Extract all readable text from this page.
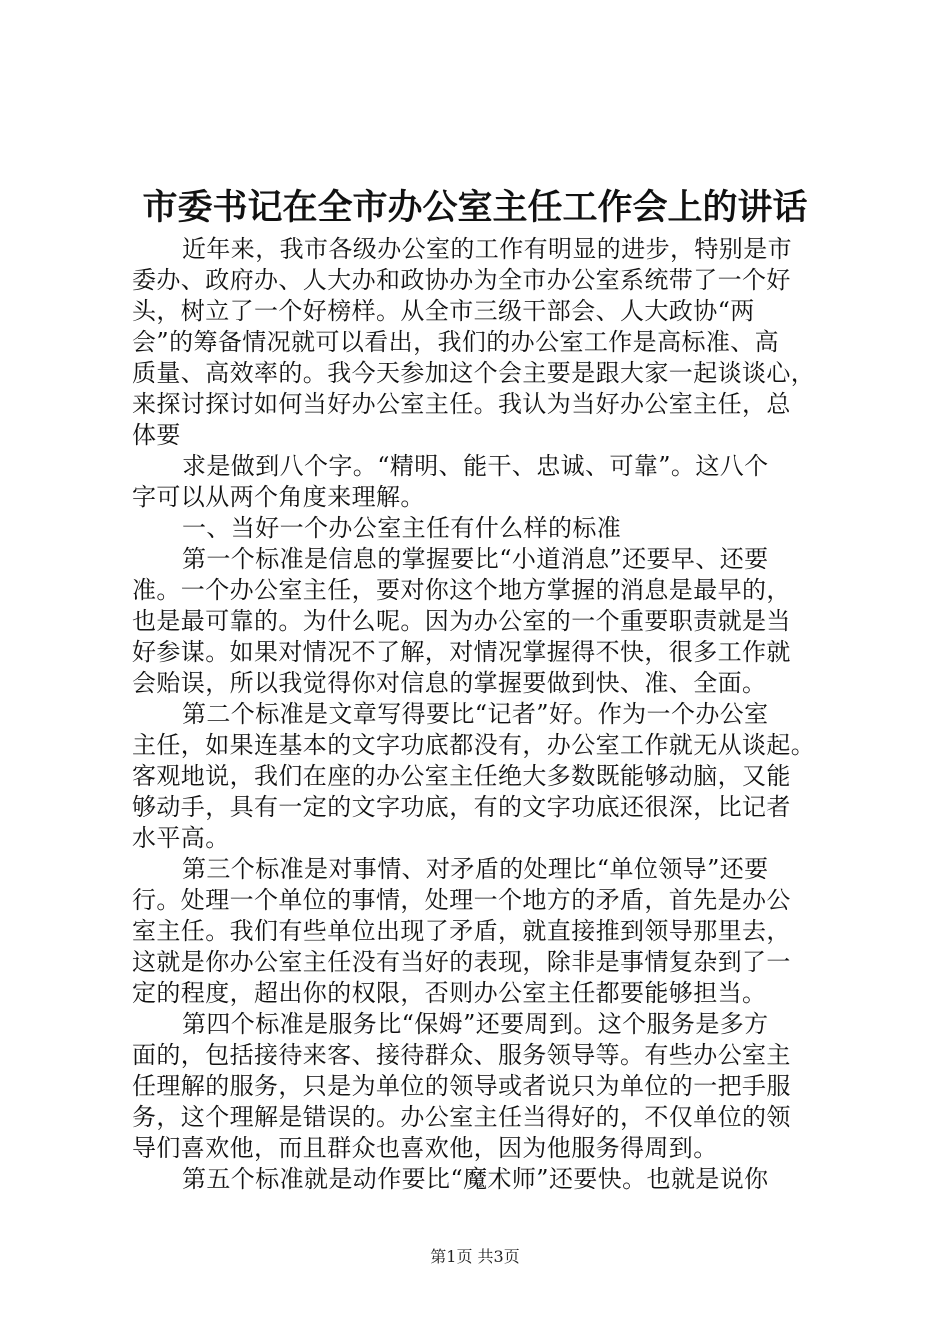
市委书记在全市办公室主任工作会上的讲话
近年来，我市各级办公室的工作有明显的进步，特别是市
委办、政府办、人大办和政协办为全市办公室系统带了一个好
头，树立了一个好榜样。从全市三级干部会、人大政协“两
会”的筹备情况就可以看出，我们的办公室工作是高标准、高
质量、高效率的。我今天参加这个会主要是跟大家一起谈谈心，
来探讨探讨如何当好办公室主任。我认为当好办公室主任，总
体要
求是做到八个字。“精明、能干、忠诚、可靠”。这八个
字可以从两个角度来理解。
一、当好一个办公室主任有什么样的标准
第一个标准是信息的掌握要比“小道消息”还要早、还要
准。一个办公室主任，要对你这个地方掌握的消息是最早的，
也是最可靠的。为什么呢。因为办公室的一个重要职责就是当
好参谋。如果对情况不了解，对情况掌握得不快，很多工作就
会贻误，所以我觉得你对信息的掌握要做到快、准、全面。
第二个标准是文章写得要比“记者”好。作为一个办公室
主任，如果连基本的文字功底都没有，办公室工作就无从谈起。
客观地说，我们在座的办公室主任绝大多数既能够动脑，又能
够动手，具有一定的文字功底，有的文字功底还很深，比记者
水平高。
第三个标准是对事情、对矛盾的处理比“单位领导”还要
行。处理一个单位的事情，处理一个地方的矛盾，首先是办公
室主任。我们有些单位出现了矛盾，就直接推到领导那里去，
这就是你办公室主任没有当好的表现，除非是事情复杂到了一
定的程度，超出你的权限，否则办公室主任都要能够担当。
第四个标准是服务比“保姆”还要周到。这个服务是多方
面的，包括接待来客、接待群众、服务领导等。有些办公室主
任理解的服务，只是为单位的领导或者说只为单位的一把手服
务，这个理解是错误的。办公室主任当得好的，不仅单位的领
导们喜欢他，而且群众也喜欢他，因为他服务得周到。
第五个标准就是动作要比“魔术师”还要快。也就是说你
第1页 共3页
